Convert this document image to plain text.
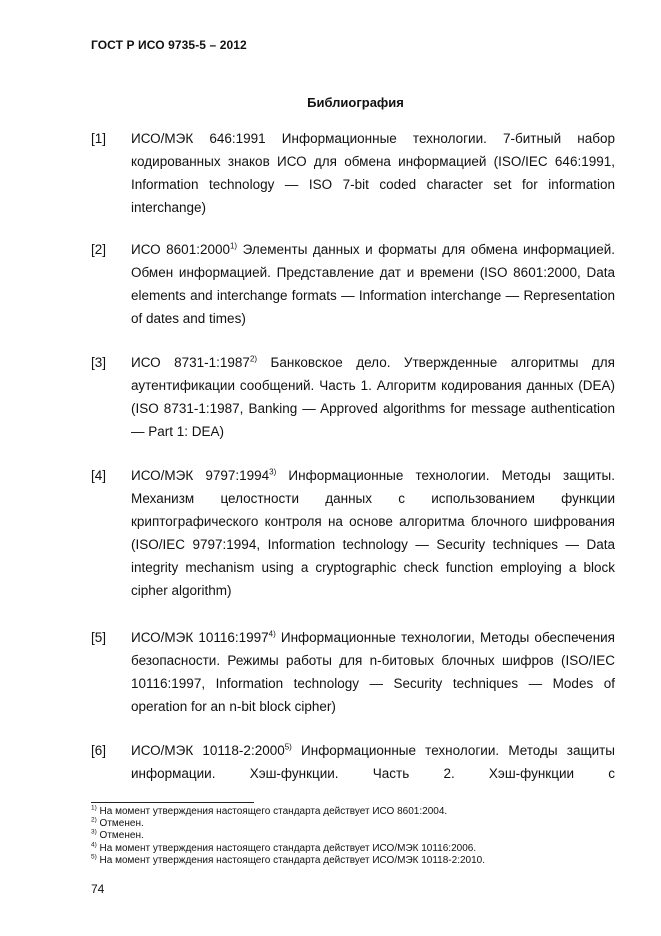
ГОСТ Р ИСО 9735-5 – 2012
Библиография
[1] ИСО/МЭК 646:1991 Информационные технологии. 7-битный набор кодированных знаков ИСО для обмена информацией (ISO/IEC 646:1991, Information technology — ISO 7-bit coded character set for information interchange)
[2] ИСО 8601:2000$^{1)}$ Элементы данных и форматы для обмена информацией. Обмен информацией. Представление дат и времени (ISO 8601:2000, Data elements and interchange formats — Information interchange — Representation of dates and times)
[3] ИСО 8731-1:1987$^{2)}$ Банковское дело. Утвержденные алгоритмы для аутентификации сообщений. Часть 1. Алгоритм кодирования данных (DEA) (ISO 8731-1:1987, Banking — Approved algorithms for message authentication — Part 1: DEA)
[4] ИСО/МЭК 9797:1994$^{3)}$ Информационные технологии. Методы защиты. Механизм целостности данных с использованием функции криптографического контроля на основе алгоритма блочного шифрования (ISO/IEC 9797:1994, Information technology — Security techniques — Data integrity mechanism using a cryptographic check function employing a block cipher algorithm)
[5] ИСО/МЭК 10116:1997$^{4)}$ Информационные технологии, Методы обеспечения безопасности. Режимы работы для n-битовых блочных шифров (ISO/IEC 10116:1997, Information technology — Security techniques — Modes of operation for an n-bit block cipher)
[6] ИСО/МЭК 10118-2:2000$^{5)}$ Информационные технологии. Методы защиты информации. Хэш-функции. Часть 2. Хэш-функции с
$^{1)}$ На момент утверждения настоящего стандарта действует ИСО 8601:2004.
$^{2)}$ Отменен.
$^{3)}$ Отменен.
$^{4)}$ На момент утверждения настоящего стандарта действует ИСО/МЭК 10116:2006.
$^{5)}$ На момент утверждения настоящего стандарта действует ИСО/МЭК 10118-2:2010.
74
